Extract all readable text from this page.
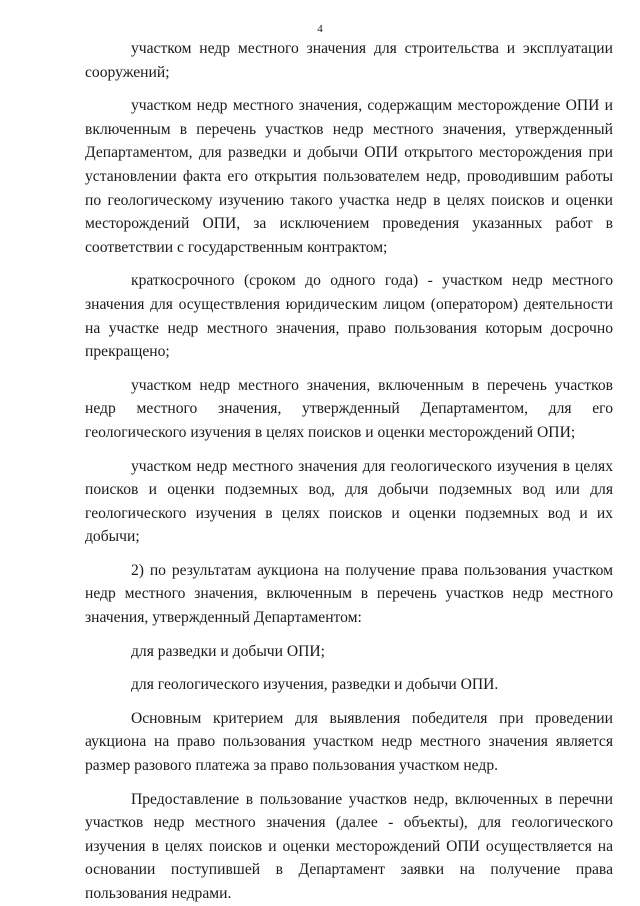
4

участком недр местного значения для строительства и эксплуатации сооружений;

участком недр местного значения, содержащим месторождение ОПИ и включенным в перечень участков недр местного значения, утвержденный Департаментом, для разведки и добычи ОПИ открытого месторождения при установлении факта его открытия пользователем недр, проводившим работы по геологическому изучению такого участка недр в целях поисков и оценки месторождений ОПИ, за исключением проведения указанных работ в соответствии с государственным контрактом;

краткосрочного (сроком до одного года) - участком недр местного значения для осуществления юридическим лицом (оператором) деятельности на участке недр местного значения, право пользования которым досрочно прекращено;

участком недр местного значения, включенным в перечень участков недр местного значения, утвержденный Департаментом, для его геологического изучения в целях поисков и оценки месторождений ОПИ;

участком недр местного значения для геологического изучения в целях поисков и оценки подземных вод, для добычи подземных вод или для геологического изучения в целях поисков и оценки подземных вод и их добычи;

2) по результатам аукциона на получение права пользования участком недр местного значения, включенным в перечень участков недр местного значения, утвержденный Департаментом:

для разведки и добычи ОПИ;

для геологического изучения, разведки и добычи ОПИ.

Основным критерием для выявления победителя при проведении аукциона на право пользования участком недр местного значения является размер разового платежа за право пользования участком недр.

Предоставление в пользование участков недр, включенных в перечни участков недр местного значения (далее - объекты), для геологического изучения в целях поисков и оценки месторождений ОПИ осуществляется на основании поступившей в Департамент заявки на получение права пользования недрами.
